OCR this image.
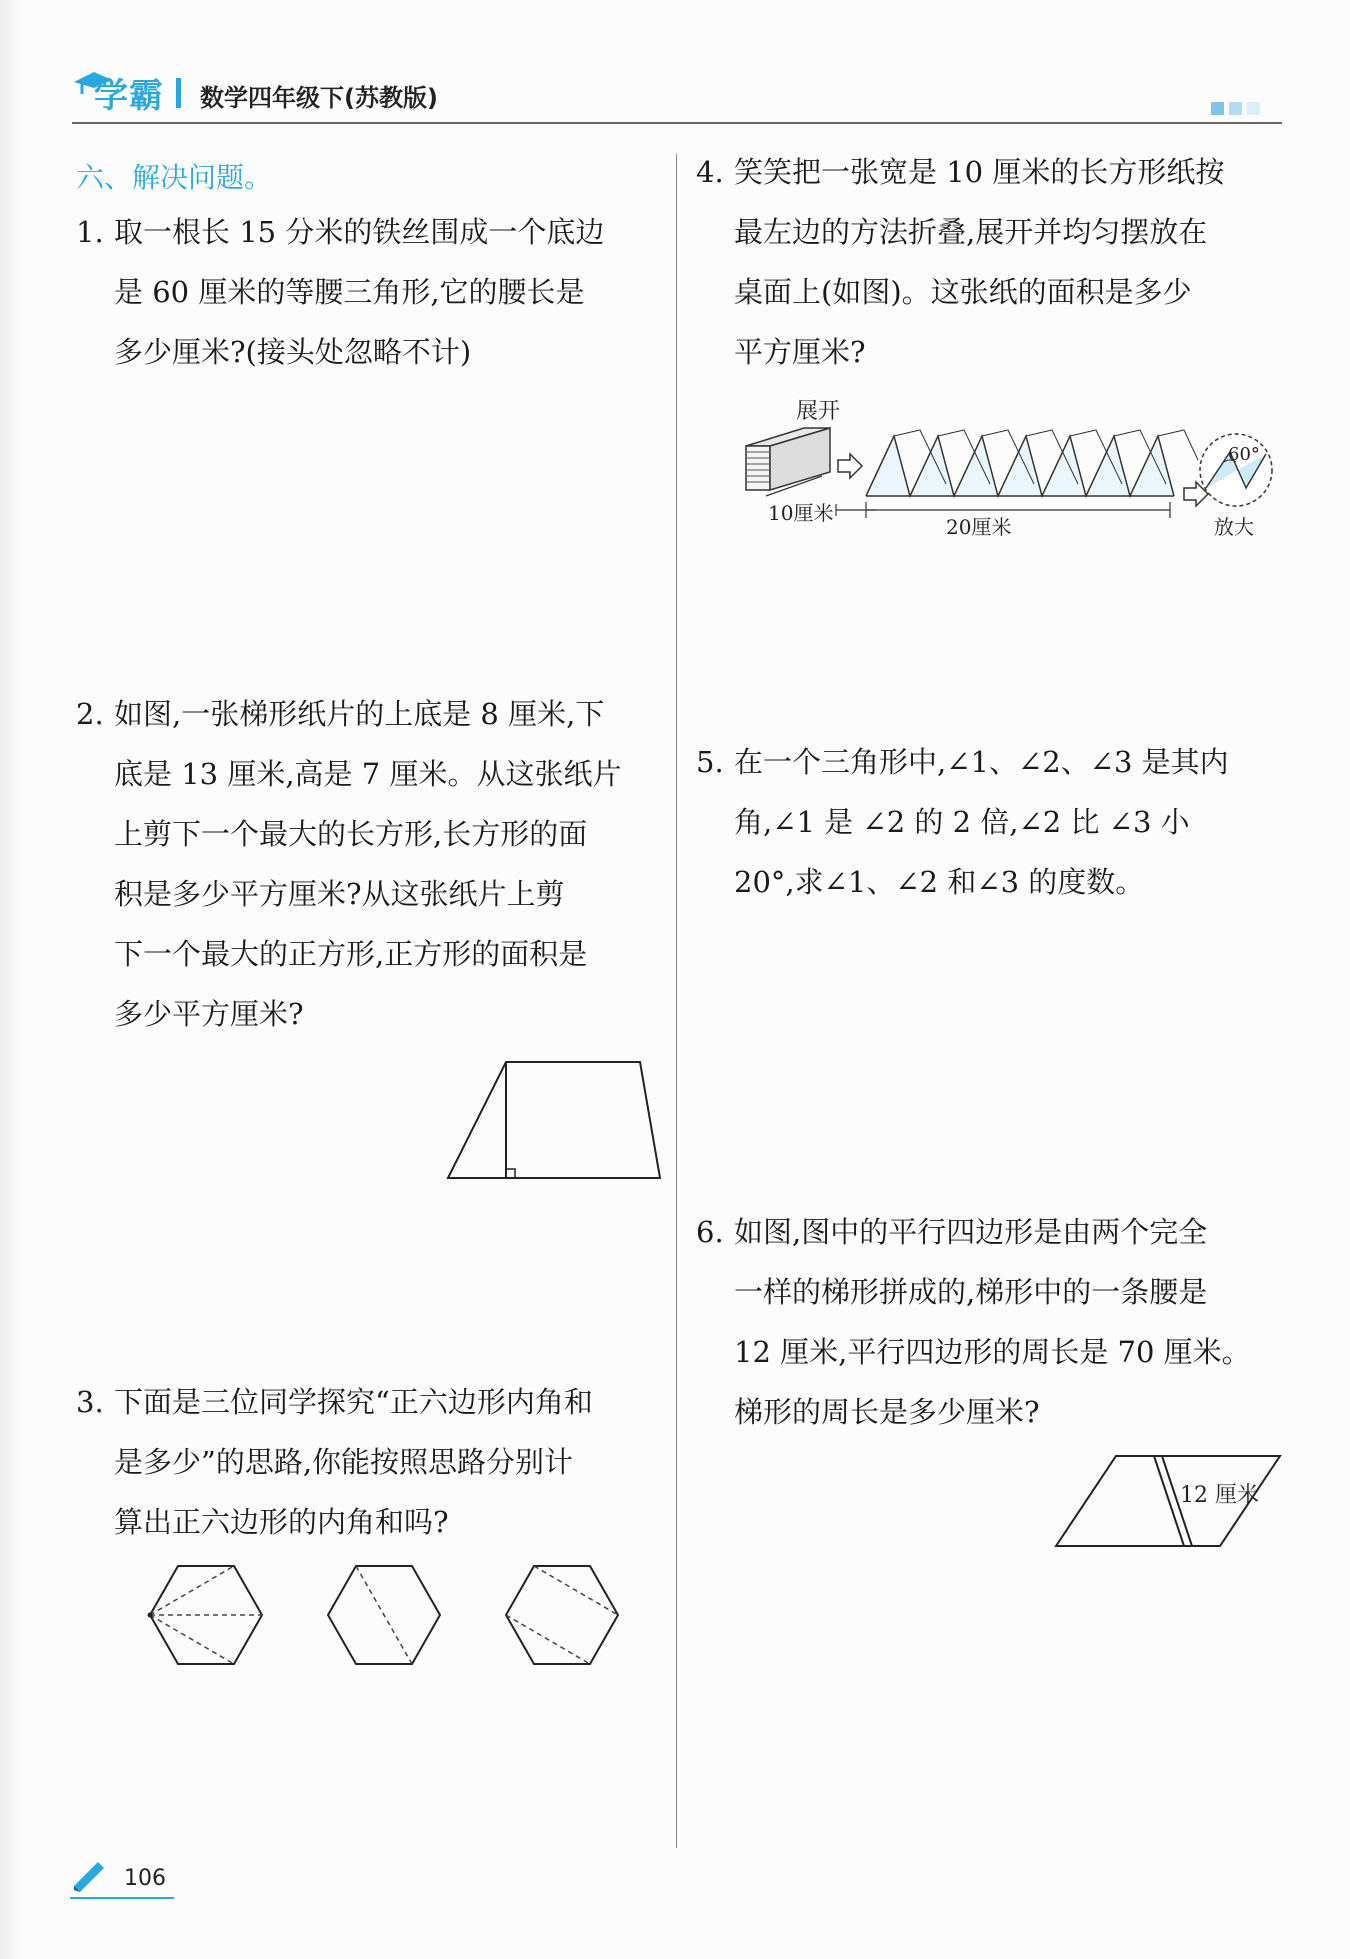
学霸 数学四年级下(苏教版)
六、解决问题。
1. 取一根长 15 分米的铁丝围成一个底边
是 60 厘米的等腰三角形,它的腰长是
多少厘米?(接头处忽略不计)
2. 如图,一张梯形纸片的上底是 8 厘米,下
底是 13 厘米,高是 7 厘米。从这张纸片
上剪下一个最大的长方形,长方形的面
积是多少平方厘米?从这张纸片上剪
下一个最大的正方形,正方形的面积是
多少平方厘米?
3. 下面是三位同学探究“正六边形内角和
是多少”的思路,你能按照思路分别计
算出正六边形的内角和吗?
4. 笑笑把一张宽是 10 厘米的长方形纸按
最左边的方法折叠,展开并均匀摆放在
桌面上(如图)。这张纸的面积是多少
平方厘米?
展开
10厘米
20厘米
60°
放大
5. 在一个三角形中,∠1、∠2、∠3 是其内
角,∠1 是 ∠2 的 2 倍,∠2 比 ∠3 小
20°,求∠1、∠2 和∠3 的度数。
6. 如图,图中的平行四边形是由两个完全
一样的梯形拼成的,梯形中的一条腰是
12 厘米,平行四边形的周长是 70 厘米。
梯形的周长是多少厘米?
12 厘米
106
